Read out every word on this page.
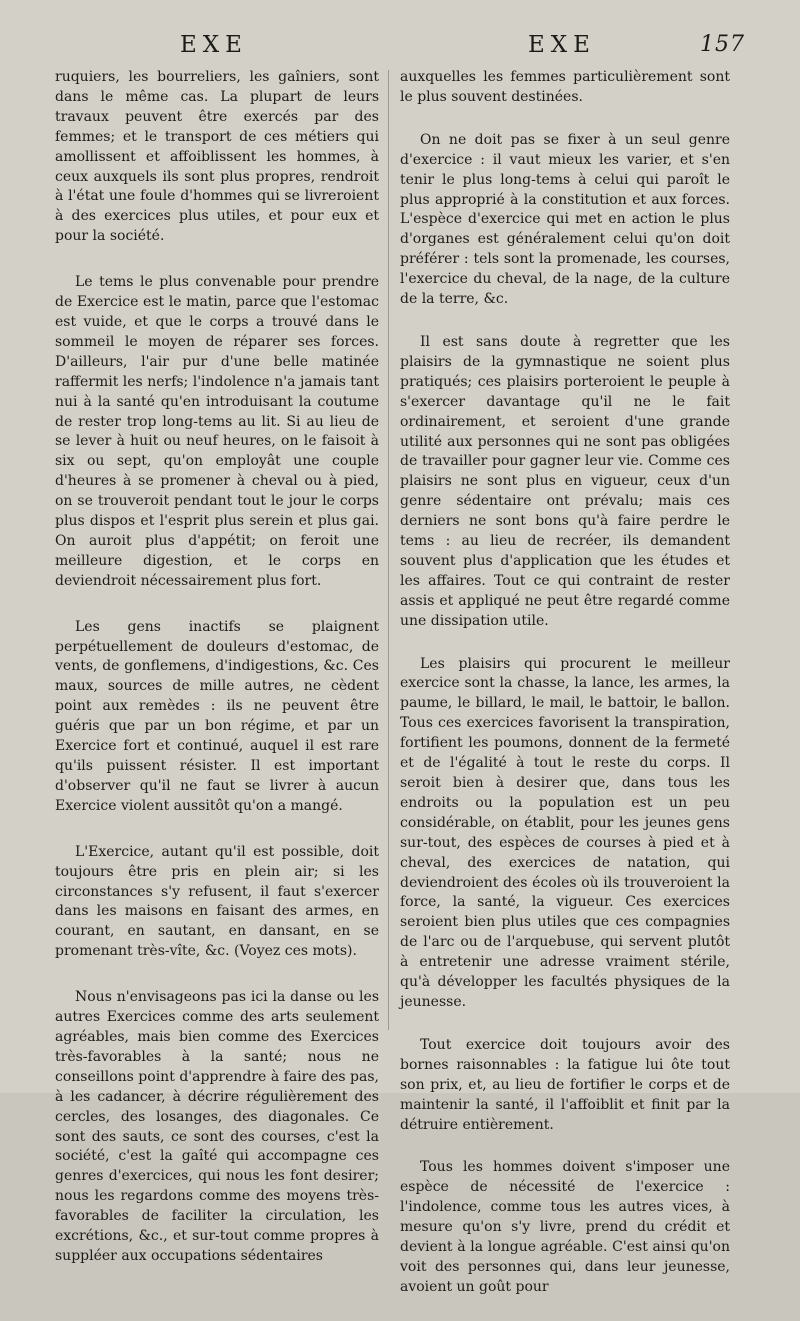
EXE	EXE	157

ruquiers, les bourreliers, les gaîniers, sont dans le même cas. La plupart de leurs travaux peuvent être exercés par des femmes; et le transport de ces métiers qui amollissent et affoiblissent les hommes, à ceux auxquels ils sont plus propres, rendroit à l'état une foule d'hommes qui se livreroient à des exercices plus utiles, et pour eux et pour la société.

Le tems le plus convenable pour prendre de Exercice est le matin, parce que l'estomac est vuide, et que le corps a trouvé dans le sommeil le moyen de réparer ses forces. D'ailleurs, l'air pur d'une belle matinée raffermit les nerfs; l'indolence n'a jamais tant nui à la santé qu'en introduisant la coutume de rester trop long-tems au lit. Si au lieu de se lever à huit ou neuf heures, on le faisoit à six ou sept, qu'on employât une couple d'heures à se promener à cheval ou à pied, on se trouveroit pendant tout le jour le corps plus dispos et l'esprit plus serein et plus gai. On auroit plus d'appétit; on feroit une meilleure digestion, et le corps en deviendroit nécessairement plus fort.

Les gens inactifs se plaignent perpétuellement de douleurs d'estomac, de vents, de gonflemens, d'indigestions, &c. Ces maux, sources de mille autres, ne cèdent point aux remèdes : ils ne peuvent être guéris que par un bon régime, et par un Exercice fort et continué, auquel il est rare qu'ils puissent résister. Il est important d'observer qu'il ne faut se livrer à aucun Exercice violent aussitôt qu'on a mangé.

L'Exercice, autant qu'il est possible, doit toujours être pris en plein air; si les circonstances s'y refusent, il faut s'exercer dans les maisons en faisant des armes, en courant, en sautant, en dansant, en se promenant très-vîte, &c. (Voyez ces mots).

Nous n'envisageons pas ici la danse ou les autres Exercices comme des arts seulement agréables, mais bien comme des Exercices très-favorables à la santé; nous ne conseillons point d'apprendre à faire des pas, à les cadancer, à décrire régulièrement des cercles, des losanges, des diagonales. Ce sont des sauts, ce sont des courses, c'est la société, c'est la gaîté qui accompagne ces genres d'exercices, qui nous les font desirer; nous les regardons comme des moyens très-favorables de faciliter la circulation, les excrétions, &c., et sur-tout comme propres à suppléer aux occupations sédentaires

auxquelles les femmes particulièrement sont le plus souvent destinées.

On ne doit pas se fixer à un seul genre d'exercice : il vaut mieux les varier, et s'en tenir le plus long-tems à celui qui paroît le plus approprié à la constitution et aux forces. L'espèce d'exercice qui met en action le plus d'organes est généralement celui qu'on doit préférer : tels sont la promenade, les courses, l'exercice du cheval, de la nage, de la culture de la terre, &c.

Il est sans doute à regretter que les plaisirs de la gymnastique ne soient plus pratiqués; ces plaisirs porteroient le peuple à s'exercer davantage qu'il ne le fait ordinairement, et seroient d'une grande utilité aux personnes qui ne sont pas obligées de travailler pour gagner leur vie. Comme ces plaisirs ne sont plus en vigueur, ceux d'un genre sédentaire ont prévalu; mais ces derniers ne sont bons qu'à faire perdre le tems : au lieu de recréer, ils demandent souvent plus d'application que les études et les affaires. Tout ce qui contraint de rester assis et appliqué ne peut être regardé comme une dissipation utile.

Les plaisirs qui procurent le meilleur exercice sont la chasse, la lance, les armes, la paume, le billard, le mail, le battoir, le ballon. Tous ces exercices favorisent la transpiration, fortifient les poumons, donnent de la fermeté et de l'égalité à tout le reste du corps. Il seroit bien à desirer que, dans tous les endroits ou la population est un peu considérable, on établit, pour les jeunes gens sur-tout, des espèces de courses à pied et à cheval, des exercices de natation, qui deviendroient des écoles où ils trouveroient la force, la santé, la vigueur. Ces exercices seroient bien plus utiles que ces compagnies de l'arc ou de l'arquebuse, qui servent plutôt à entretenir une adresse vraiment stérile, qu'à développer les facultés physiques de la jeunesse.

Tout exercice doit toujours avoir des bornes raisonnables : la fatigue lui ôte tout son prix, et, au lieu de fortifier le corps et de maintenir la santé, il l'affoiblit et finit par la détruire entièrement.

Tous les hommes doivent s'imposer une espèce de nécessité de l'exercice : l'indolence, comme tous les autres vices, à mesure qu'on s'y livre, prend du crédit et devient à la longue agréable. C'est ainsi qu'on voit des personnes qui, dans leur jeunesse, avoient un goût pour
